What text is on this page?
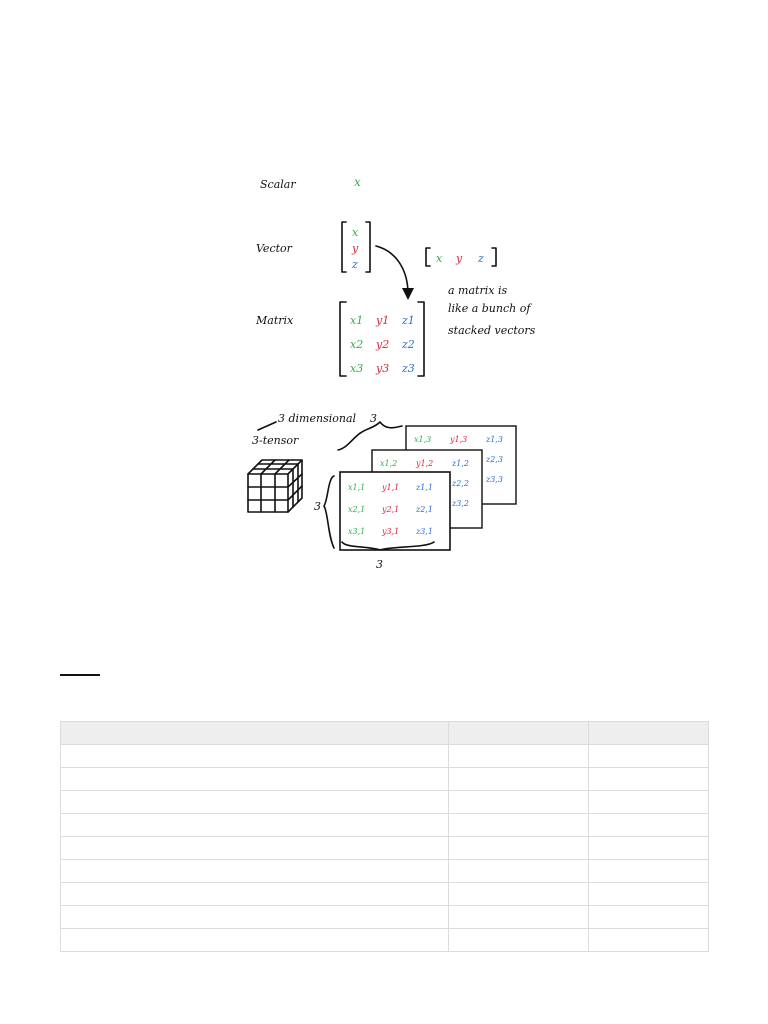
Scalar	x
Vector
x
y
z	x y z
a matrix is
like a bunch of
stacked vectors
Matrix	x1 y1 z1
x2 y2 z2
x3 y3 z3
3 dimensional
3-tensor	x1,3 y1,3 z1,3
z2,3
z3,3
x1,2 y1,2 z1,2
z2,2
z3,2
x1,1 y1,1 z1,1
x2,1 y2,1 z2,1
x3,1 y3,1 z3,1
3
3
3
